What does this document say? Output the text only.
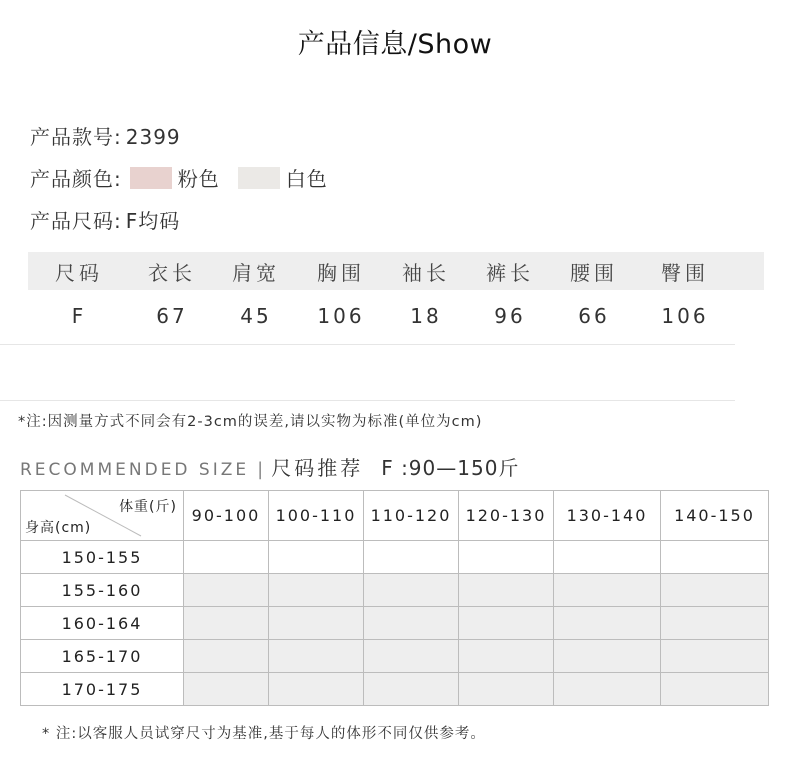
产品信息/Show
产品款号: 2399
产品颜色:	粉色	白色
产品尺码: F均码
尺码	衣长	肩宽	胸围	袖长	裤长	腰围	臀围
F	67	45	106	18	96	66	106
*注:因测量方式不同会有2-3cm的误差,请以实物为标准(单位为cm)
RECOMMENDED SIZE | 尺码推荐 F :90—150斤
体重(斤)
身高(cm)	90-100	100-110	110-120	120-130	130-140	140-150
150-155						
155-160						
160-164						
165-170						
170-175						
* 注:以客服人员试穿尺寸为基准,基于每人的体形不同仅供参考。
